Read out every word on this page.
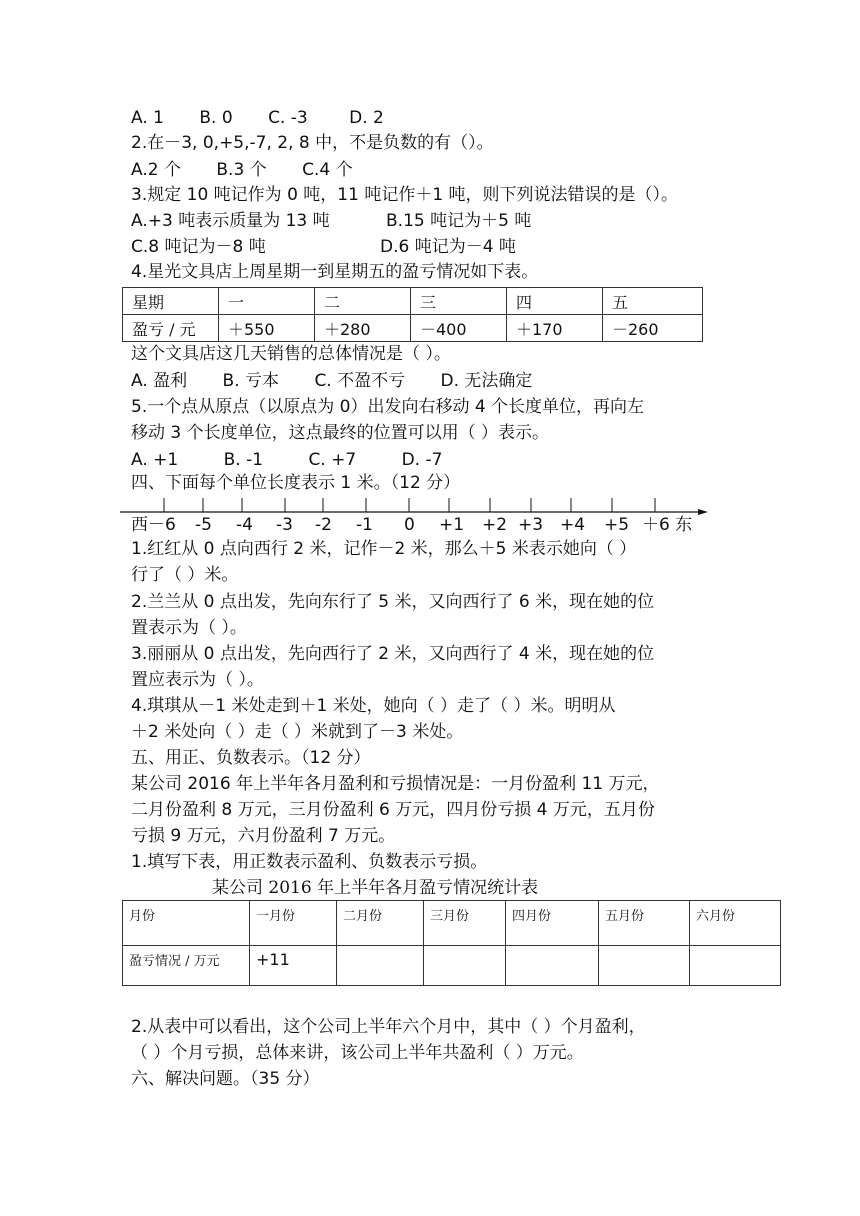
A. 1 B. 0 C. -3 D. 2
2.在－3, 0,+5,-7, 2, 8 中，不是负数的有（）。
A.2 个 B.3 个 C.4 个
3.规定 10 吨记作为 0 吨，11 吨记作＋1 吨，则下列说法错误的是（）。
A.+3 吨表示质量为 13 吨	B.15 吨记为＋5 吨
C.8 吨记为－8 吨	D.6 吨记为－4 吨
4.星光文具店上周星期一到星期五的盈亏情况如下表。
星期	一	二	三	四	五
盈亏 / 元	＋550	＋280	－400	＋170	－260
这个文具店这几天销售的总体情况是（ ）。
A. 盈利 B. 亏本 C. 不盈不亏 D. 无法确定
5.一个点从原点（以原点为 0）出发向右移动 4 个长度单位，再向左
移动 3 个长度单位，这点最终的位置可以用（ ）表示。
A. +1	B. -1	C. +7	D. -7
四、下面每个单位长度表示 1 米。（12 分）
西－6 -5 -4 -3 -2 -1 0 +1 +2 +3 +4 +5 ＋6 东
1.红红从 0 点向西行 2 米，记作－2 米，那么＋5 米表示她向（ ）
行了（ ）米。
2.兰兰从 0 点出发，先向东行了 5 米，又向西行了 6 米，现在她的位
置表示为（ ）。
3.丽丽从 0 点出发，先向西行了 2 米，又向西行了 4 米，现在她的位
置应表示为（ ）。
4.琪琪从－1 米处走到＋1 米处，她向（ ）走了（ ）米。明明从
＋2 米处向（ ）走（ ）米就到了－3 米处。
五、用正、负数表示。（12 分）
某公司 2016 年上半年各月盈利和亏损情况是：一月份盈利 11 万元，
二月份盈利 8 万元，三月份盈利 6 万元，四月份亏损 4 万元，五月份
亏损 9 万元，六月份盈利 7 万元。
1.填写下表，用正数表示盈利、负数表示亏损。
某公司 2016 年上半年各月盈亏情况统计表
月份	一月份	二月份	三月份	四月份	五月份	六月份
盈亏情况 / 万元	+11					
2.从表中可以看出，这个公司上半年六个月中，其中（ ）个月盈利，
（ ）个月亏损，总体来讲，该公司上半年共盈利（ ）万元。
六、解决问题。（35 分）
